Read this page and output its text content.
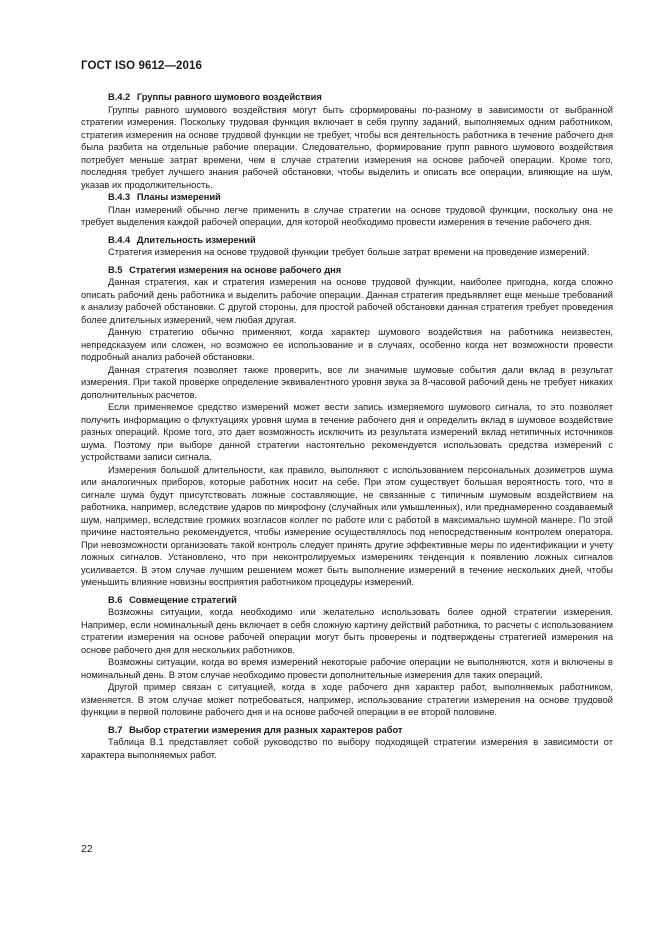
ГОСТ ISO 9612—2016
B.4.2 Группы равного шумового воздействия

Группы равного шумового воздействия могут быть сформированы по-разному в зависимости от выбранной стратегии измерения. Поскольку трудовая функция включает в себя группу заданий, выполняемых одним работником, стратегия измерения на основе трудовой функции не требует, чтобы вся деятельность работника в течение рабочего дня была разбита на отдельные рабочие операции. Следовательно, формирование групп равного шумового воздействия потребует меньше затрат времени, чем в случае стратегии измерения на основе рабочей операции. Кроме того, последняя требует лучшего знания рабочей обстановки, чтобы выделить и описать все операции, влияющие на шум, указав их продолжительность.

B.4.3 Планы измерений

План измерений обычно легче применить в случае стратегии на основе трудовой функции, поскольку она не требует выделения каждой рабочей операции, для которой необходимо провести измерения в течение рабочего дня.

B.4.4 Длительность измерений

Стратегия измерения на основе трудовой функции требует больше затрат времени на проведение измерений.

B.5 Стратегия измерения на основе рабочего дня

Данная стратегия, как и стратегия измерения на основе трудовой функции, наиболее пригодна, когда сложно описать рабочий день работника и выделить рабочие операции. Данная стратегия предъявляет еще меньше требований к анализу рабочей обстановки. С другой стороны, для простой рабочей обстановки данная стратегия требует проведения более длительных измерений, чем любая другая.

Данную стратегию обычно применяют, когда характер шумового воздействия на работника неизвестен, непредсказуем или сложен, но возможно ее использование и в случаях, особенно когда нет возможности провести подробный анализ рабочей обстановки.

Данная стратегия позволяет также проверить, все ли значимые шумовые события дали вклад в результат измерения. При такой проверке определение эквивалентного уровня звука за 8-часовой рабочий день не требует никаких дополнительных расчетов.

Если применяемое средство измерений может вести запись измеряемого шумового сигнала, то это позволяет получить информацию о флуктуациях уровня шума в течение рабочего дня и определить вклад в шумовое воздействие разных операций. Кроме того, это дает возможность исключить из результата измерений вклад нетипичных источников шума. Поэтому при выборе данной стратегии настоятельно рекомендуется использовать средства измерений с устройствами записи сигнала.

Измерения большой длительности, как правило, выполняют с использованием персональных дозиметров шума или аналогичных приборов, которые работник носит на себе. При этом существует большая вероятность того, что в сигнале шума будут присутствовать ложные составляющие, не связанные с типичным шумовым воздействием на работника, например, вследствие ударов по микрофону (случайных или умышленных), или преднамеренно создаваемый шум, например, вследствие громких возгласов коллег по работе или с работой в максимально шумной манере. По этой причине настоятельно рекомендуется, чтобы измерение осуществлялось под непосредственным контролем оператора. При невозможности организовать такой контроль следует принять другие эффективные меры по идентификации и учету ложных сигналов. Установлено, что при неконтролируемых измерениях тенденция к появлению ложных сигналов усиливается. В этом случае лучшим решением может быть выполнение измерений в течение нескольких дней, чтобы уменьшить влияние новизны восприятия работником процедуры измерений.

B.6 Совмещение стратегий

Возможны ситуации, когда необходимо или желательно использовать более одной стратегии измерения. Например, если номинальный день включает в себя сложную картину действий работника, то расчеты с использованием стратегии измерения на основе рабочей операции могут быть проверены и подтверждены стратегией измерения на основе рабочего дня для нескольких работников.

Возможны ситуации, когда во время измерений некоторые рабочие операции не выполняются, хотя и включены в номинальный день. В этом случае необходимо провести дополнительные измерения для таких операций.

Другой пример связан с ситуацией, когда в ходе рабочего дня характер работ, выполняемых работником, изменяется. В этом случае может потребоваться, например, использование стратегии измерения на основе трудовой функции в первой половине рабочего дня и на основе рабочей операции в ее второй половине.

B.7 Выбор стратегии измерения для разных характеров работ

Таблица В.1 представляет собой руководство по выбору подходящей стратегии измерения в зависимости от характера выполняемых работ.

22
